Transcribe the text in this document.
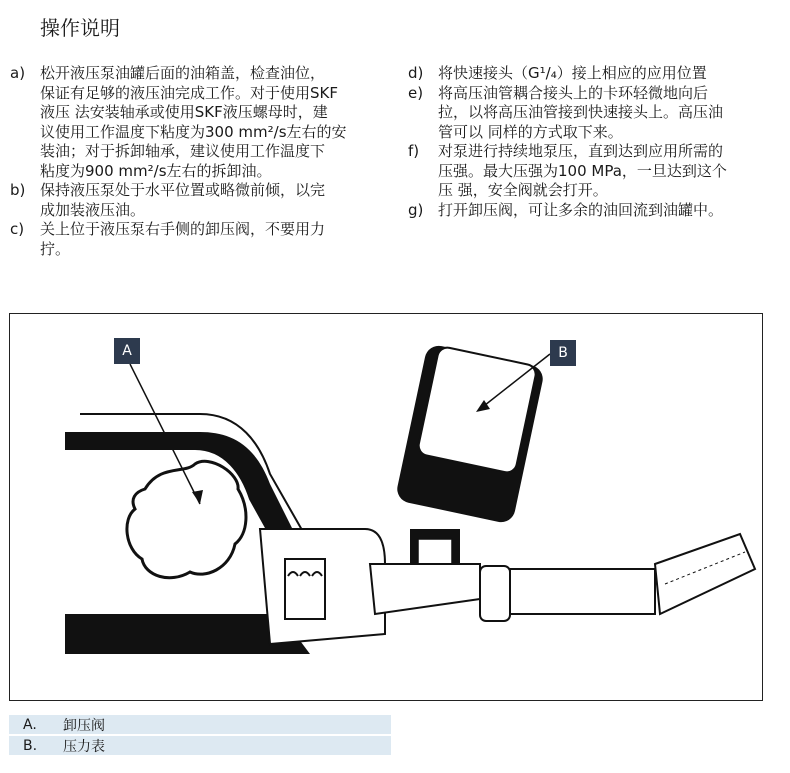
操作说明
a) 松开液压泵油罐后面的油箱盖，检查油位，
保证有足够的液压油完成工作。对于使用SKF
液压 法安装轴承或使用SKF液压螺母时，建
议使用工作温度下粘度为300 mm²/s左右的安
装油；对于拆卸轴承，建议使用工作温度下
粘度为900 mm²/s左右的拆卸油。
b) 保持液压泵处于水平位置或略微前倾，以完
成加装液压油。
c)	关上位于液压泵右手侧的卸压阀，不要用力
拧。
d) 将快速接头（G¹/₄）接上相应的应用位置
e) 将高压油管耦合接头上的卡环轻微地向后
拉，以将高压油管接到快速接头上。高压油
管可以 同样的方式取下来。
f)	对泵进行持续地泵压，直到达到应用所需的
压强。最大压强为100 MPa，一旦达到这个
压 强，安全阀就会打开。
g) 打开卸压阀，可让多余的油回流到油罐中。
A	B
A.	卸压阀
B.	压力表
